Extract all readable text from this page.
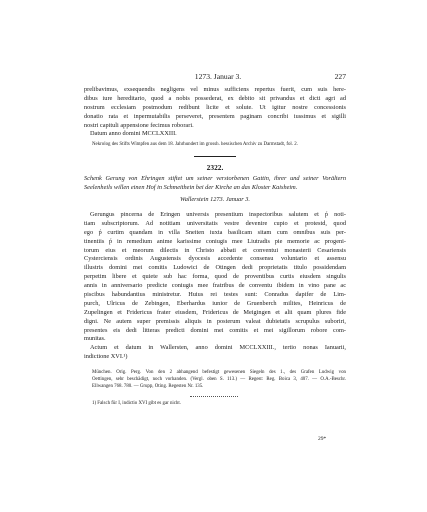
1273. Januar 3.	227
prelibavimus, exsequendis negligens vel minus sufficiens repertus fuerit, cum suis here-
dibus iure hereditario, quod a nobis possederat, ex debito sit privandus et dicti agri ad
nostrum ecclesiam postmodum redibunt licite et solute. Ut igitur nostre concessionis
donatio rata et inpermutabilis perseveret, presentem paginam concribi iussimus et sigilli
nostri capituli appensione fecimus roborari.
Datum anno domini MCCLXXIII.
Nekrolog des Stifts Wimpfen aus dem 18. Jahrhundert im grossh. hessischen Archiv zu Darmstadt, fol. 2.
2322.
Schenk Gerung von Ehringen stiftet um seiner verstorbenen Gattin, ihrer und seiner Vorältern
Seelenheils willen einen Hof in Schmeithein bei der Kirche an das Kloster Kaisheim.
Wallerstein 1273. Januar 3.
Gerungus pincerna de Eringen universis presentium inspectoribus salutem et ṕ noti-
tiam subscriptorum. Ad notitiam universitatis vestre devenire cupio et protestd, quod
ego ṕ curtim quandam in villa Sneiten iuxta basilicam sitam cum omnibus suis per-
tinentiis ṕ in remedium anime karissime coniugis mee Liutradis pie memorie ac progeni-
torum eius et meorum dilectis in Christo abbati et conventui monasterii Cesariensis
Cysterciensis ordinis Augustensis dyocesis accedente consensu voluntario et assensu
illustris domini mei comitis Ludowici de Otingen dedi proprietatis titulo possidendam
perpetim libere et quiete sub hac forma, quod de proventibus curtis eiusdem singulis
annis in anniversario predicte coniugis mee fratribus de conventu ibidem in vino pane ac
piscibus habundantius ministretur. Huius rei testes sunt: Conradus dapifer de Lim-
purch, Ulricus de Zebingen, Eberhardus iunior de Gruenberch milites, Heinricus de
Zupelingen et Fridericus frater eiusdem, Fridericus de Meigingen et alii quam plures fide
digni. Ne autem super premissis aliquis in posterum valeat dubietatis scrupulus suboriri,
presentes eis dedi litteras predicti domini mei comitis et mei sigillorum robore com-
munitas.
Actum et datum in Wallersten, anno domini MCCLXXIII., tertio nonas Ianuarii,
indictione XVI.¹)
München. Orig. Perg. Von den 2 abhangend befestigt gewesenen Siegeln des 1., des Grafen Ludwig von
Oettingen, sehr beschädigt, noch vorhanden. (Vergl. oben S. 113.) — Regest: Reg. Boica 3, 407. — O.A.-Beschr.
Ellwangen 768. 780. — Grupp, Öting. Regesten Nr. 135.
1) Falsch für I, indictio XVI gibt es gar nicht.
29*
